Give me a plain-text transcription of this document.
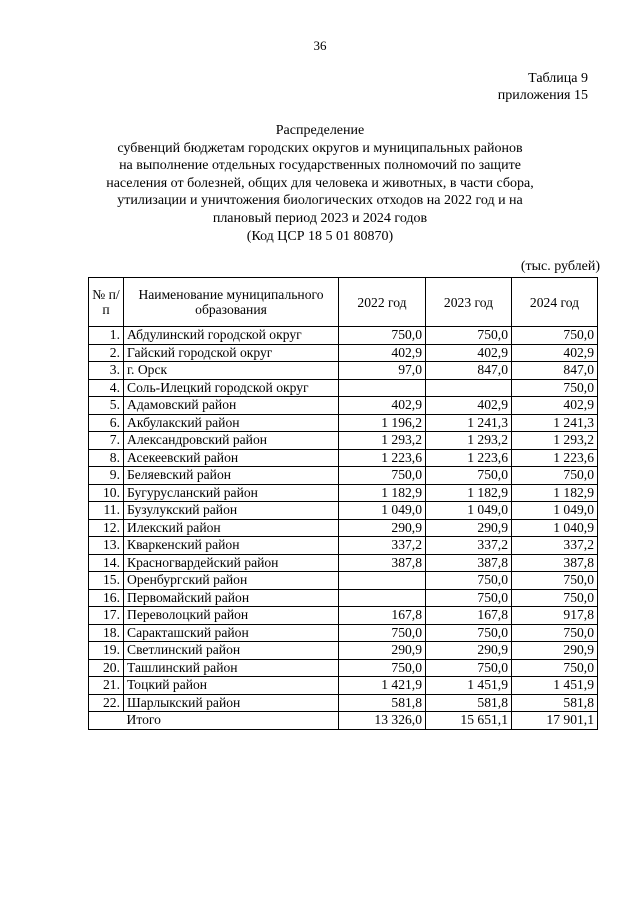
36
Таблица 9
приложения 15
Распределение
субвенций бюджетам городских округов и муниципальных районов
на выполнение отдельных государственных полномочий по защите
населения от болезней, общих для человека и животных, в части сбора,
утилизации и уничтожения биологических отходов на 2022 год и на
плановый период 2023 и 2024 годов
(Код ЦСР 18 5 01 80870)
(тыс. рублей)
№ п/п	Наименование муниципального образования	2022 год	2023 год	2024 год
1.	Абдулинский городской округ	750,0	750,0	750,0
2.	Гайский городской округ	402,9	402,9	402,9
3.	г. Орск	97,0	847,0	847,0
4.	Соль-Илецкий городской округ			750,0
5.	Адамовский район	402,9	402,9	402,9
6.	Акбулакский район	1 196,2	1 241,3	1 241,3
7.	Александровский район	1 293,2	1 293,2	1 293,2
8.	Асекеевский район	1 223,6	1 223,6	1 223,6
9.	Беляевский район	750,0	750,0	750,0
10.	Бугурусланский район	1 182,9	1 182,9	1 182,9
11.	Бузулукский район	1 049,0	1 049,0	1 049,0
12.	Илекский район	290,9	290,9	1 040,9
13.	Кваркенский район	337,2	337,2	337,2
14.	Красногвардейский район	387,8	387,8	387,8
15.	Оренбургский район		750,0	750,0
16.	Первомайский район		750,0	750,0
17.	Переволоцкий район	167,8	167,8	917,8
18.	Саракташский район	750,0	750,0	750,0
19.	Светлинский район	290,9	290,9	290,9
20.	Ташлинский район	750,0	750,0	750,0
21.	Тоцкий район	1 421,9	1 451,9	1 451,9
22.	Шарлыкский район	581,8	581,8	581,8
	Итого	13 326,0	15 651,1	17 901,1
